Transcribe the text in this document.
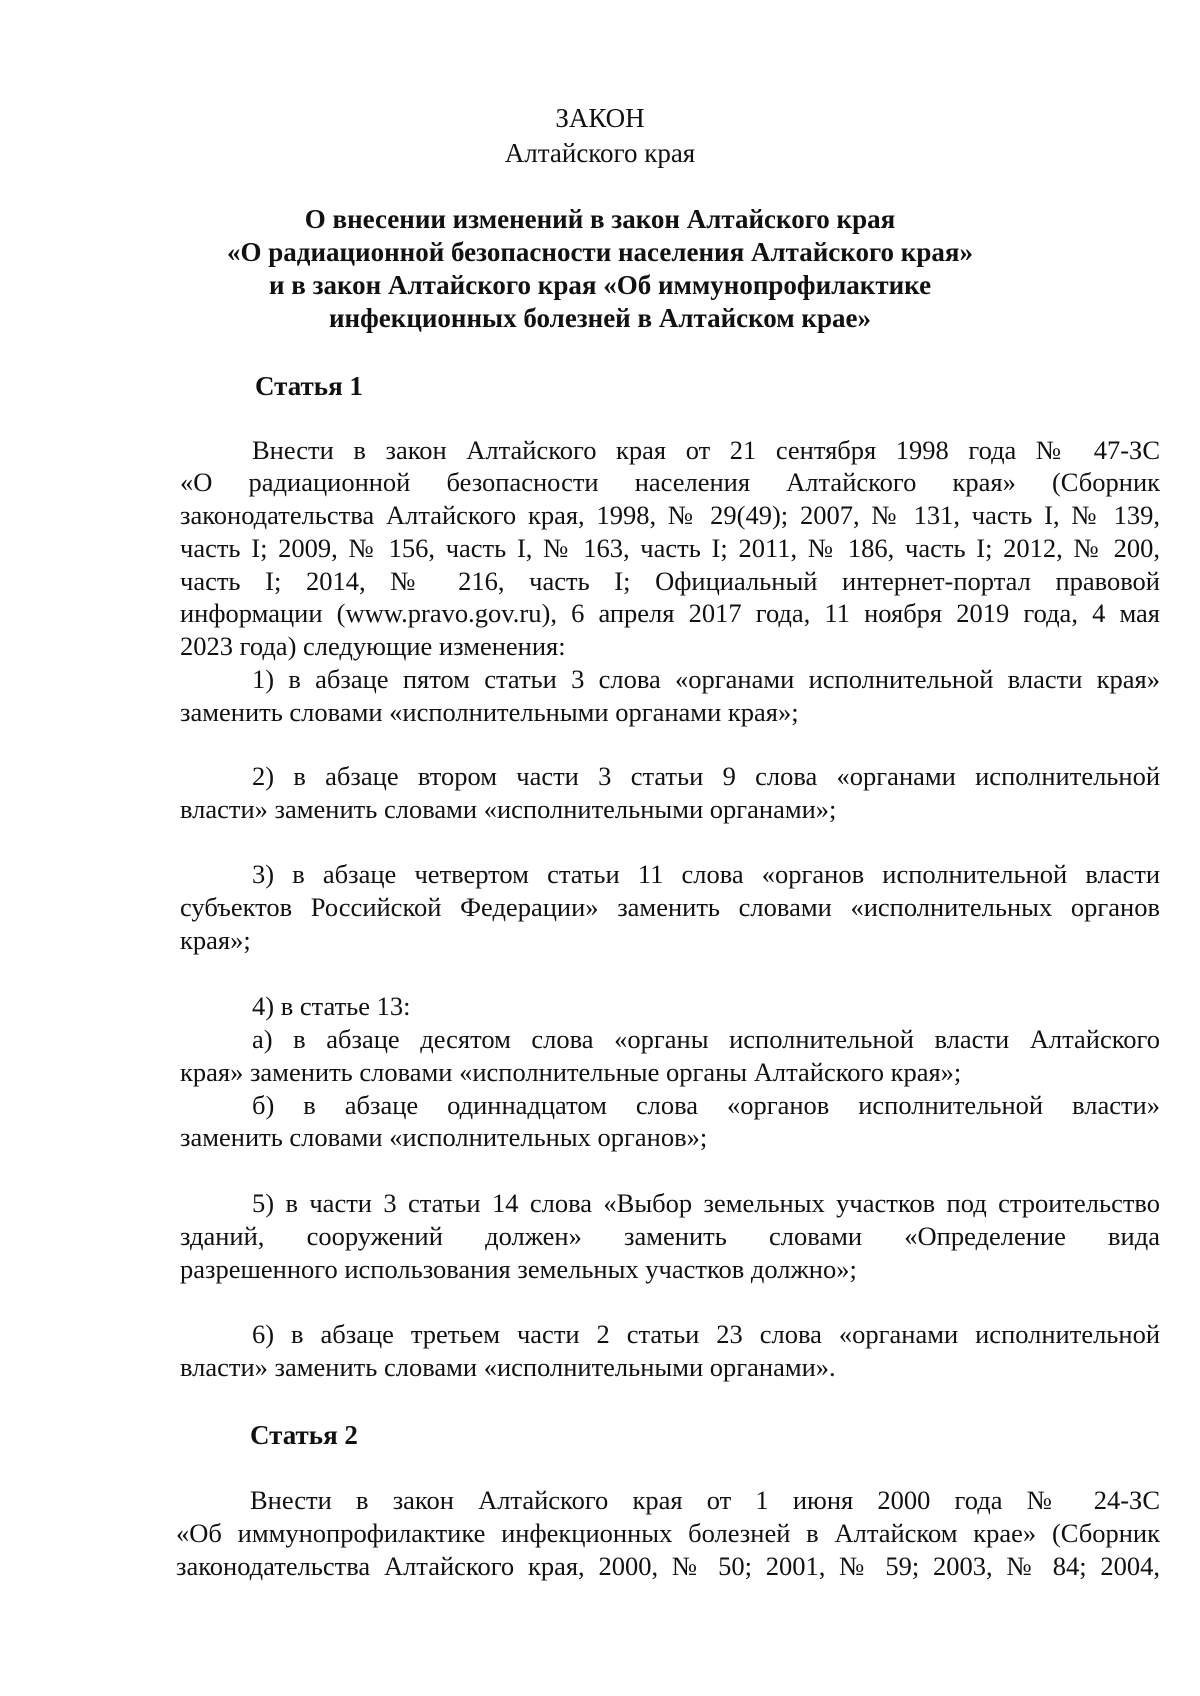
ЗАКОН
Алтайского края
О внесении изменений в закон Алтайского края
«О радиационной безопасности населения Алтайского края»
и в закон Алтайского края «Об иммунопрофилактике
инфекционных болезней в Алтайском крае»
Статья 1
Внести в закон Алтайского края от 21 сентября 1998 года № 47-ЗС
«О радиационной безопасности населения Алтайского края» (Сборник
законодательства Алтайского края, 1998, № 29(49); 2007, № 131, часть I, № 139,
часть I; 2009, № 156, часть I, № 163, часть I; 2011, № 186, часть I; 2012, № 200,
часть I; 2014, № 216, часть I; Официальный интернет-портал правовой
информации (www.pravo.gov.ru), 6 апреля 2017 года, 11 ноября 2019 года, 4 мая
2023 года) следующие изменения:
1) в абзаце пятом статьи 3 слова «органами исполнительной власти края»
заменить словами «исполнительными органами края»;
2) в абзаце втором части 3 статьи 9 слова «органами исполнительной
власти» заменить словами «исполнительными органами»;
3) в абзаце четвертом статьи 11 слова «органов исполнительной власти
субъектов Российской Федерации» заменить словами «исполнительных органов
края»;
4) в статье 13:
а) в абзаце десятом слова «органы исполнительной власти Алтайского
края» заменить словами «исполнительные органы Алтайского края»;
б) в абзаце одиннадцатом слова «органов исполнительной власти»
заменить словами «исполнительных органов»;
5) в части 3 статьи 14 слова «Выбор земельных участков под строительство
зданий, сооружений должен» заменить словами «Определение вида
разрешенного использования земельных участков должно»;
6) в абзаце третьем части 2 статьи 23 слова «органами исполнительной
власти» заменить словами «исполнительными органами».
Статья 2
Внести в закон Алтайского края от 1 июня 2000 года № 24-ЗС
«Об иммунопрофилактике инфекционных болезней в Алтайском крае» (Сборник
законодательства Алтайского края, 2000, № 50; 2001, № 59; 2003, № 84; 2004,
